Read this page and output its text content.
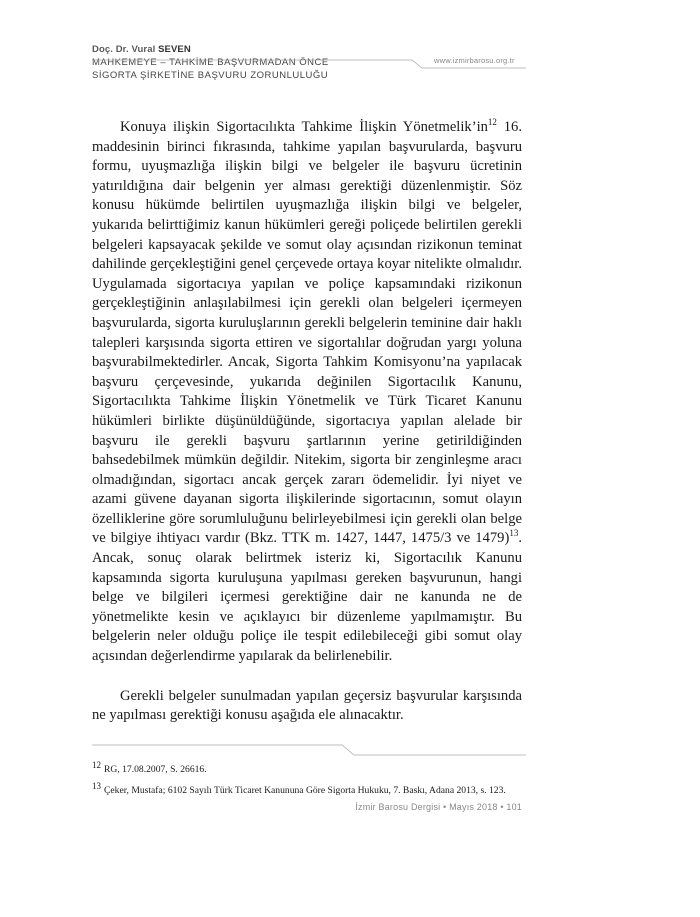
Doç. Dr. Vural SEVEN
MAHKEMEYE – TAHKİME BAŞVURMADAN ÖNCE
SİGORTA ŞİRKETİNE BAŞVURU ZORUNLULUĞU
www.izmirbarosu.org.tr

Konuya ilişkin Sigortacılıkta Tahkime İlişkin $Yönetmelik’in^{12}$ 16. maddesinin birinci fıkrasında, tahkime yapılan başvurularda, başvuru formu, uyuşmazlığa ilişkin bilgi ve belgeler ile başvuru ücretinin yatırıldığına dair belgenin yer alması gerektiği düzenlenmiştir. Söz konusu hükümde belirtilen uyuşmazlığa ilişkin bilgi ve belgeler, yukarıda belirttiğimiz kanun hükümleri gereği poliçede belirtilen gerekli belgeleri kapsayacak şekilde ve somut olay açısından rizikonun teminat dahilinde gerçekleştiğini genel çerçevede ortaya koyar nitelikte olmalıdır. Uygulamada sigortacıya yapılan ve poliçe kapsamındaki rizikonun gerçekleştiğinin anlaşılabilmesi için gerekli olan belgeleri içermeyen başvurularda, sigorta kuruluşlarının gerekli belgelerin teminine dair haklı talepleri karşısında sigorta ettiren ve sigortalılar doğrudan yargı yoluna başvurabilmektedirler. Ancak, Sigorta Tahkim Komisyonu’na yapılacak başvuru çerçevesinde, yukarıda değinilen Sigortacılık Kanunu, Sigortacılıkta Tahkime İlişkin Yönetmelik ve Türk Ticaret Kanunu hükümleri birlikte düşünüldüğünde, sigortacıya yapılan alelade bir başvuru ile gerekli başvuru şartlarının yerine getirildiğinden bahsedebilmek mümkün değildir. Nitekim, sigorta bir zenginleşme aracı olmadığından, sigortacı ancak gerçek zararı ödemelidir. İyi niyet ve azami güvene dayanan sigorta ilişkilerinde sigortacının, somut olayın özelliklerine göre sorumluluğunu belirleyebilmesi için gerekli olan belge ve bilgiye ihtiyacı vardır (Bkz. TTK m. 1427, 1447, 1475/3 ve 1479)$^{13}$. Ancak, sonuç olarak belirtmek isteriz ki, Sigortacılık Kanunu kapsamında sigorta kuruluşuna yapılması gereken başvurunun, hangi belge ve bilgileri içermesi gerektiğine dair ne kanunda ne de yönetmelikte kesin ve açıklayıcı bir düzenleme yapılmamıştır. Bu belgelerin neler olduğu poliçe ile tespit edilebileceği gibi somut olay açısından değerlendirme yapılarak da belirlenebilir.

Gerekli belgeler sunulmadan yapılan geçersiz başvurular karşısında ne yapılması gerektiği konusu aşağıda ele alınacaktır.

12 RG, 17.08.2007, S. 26616.
13 Çeker, Mustafa; 6102 Sayılı Türk Ticaret Kanununa Göre Sigorta Hukuku, 7. Baskı, Adana 2013, s. 123.
İzmir Barosu Dergisi • Mayıs 2018 • 101
